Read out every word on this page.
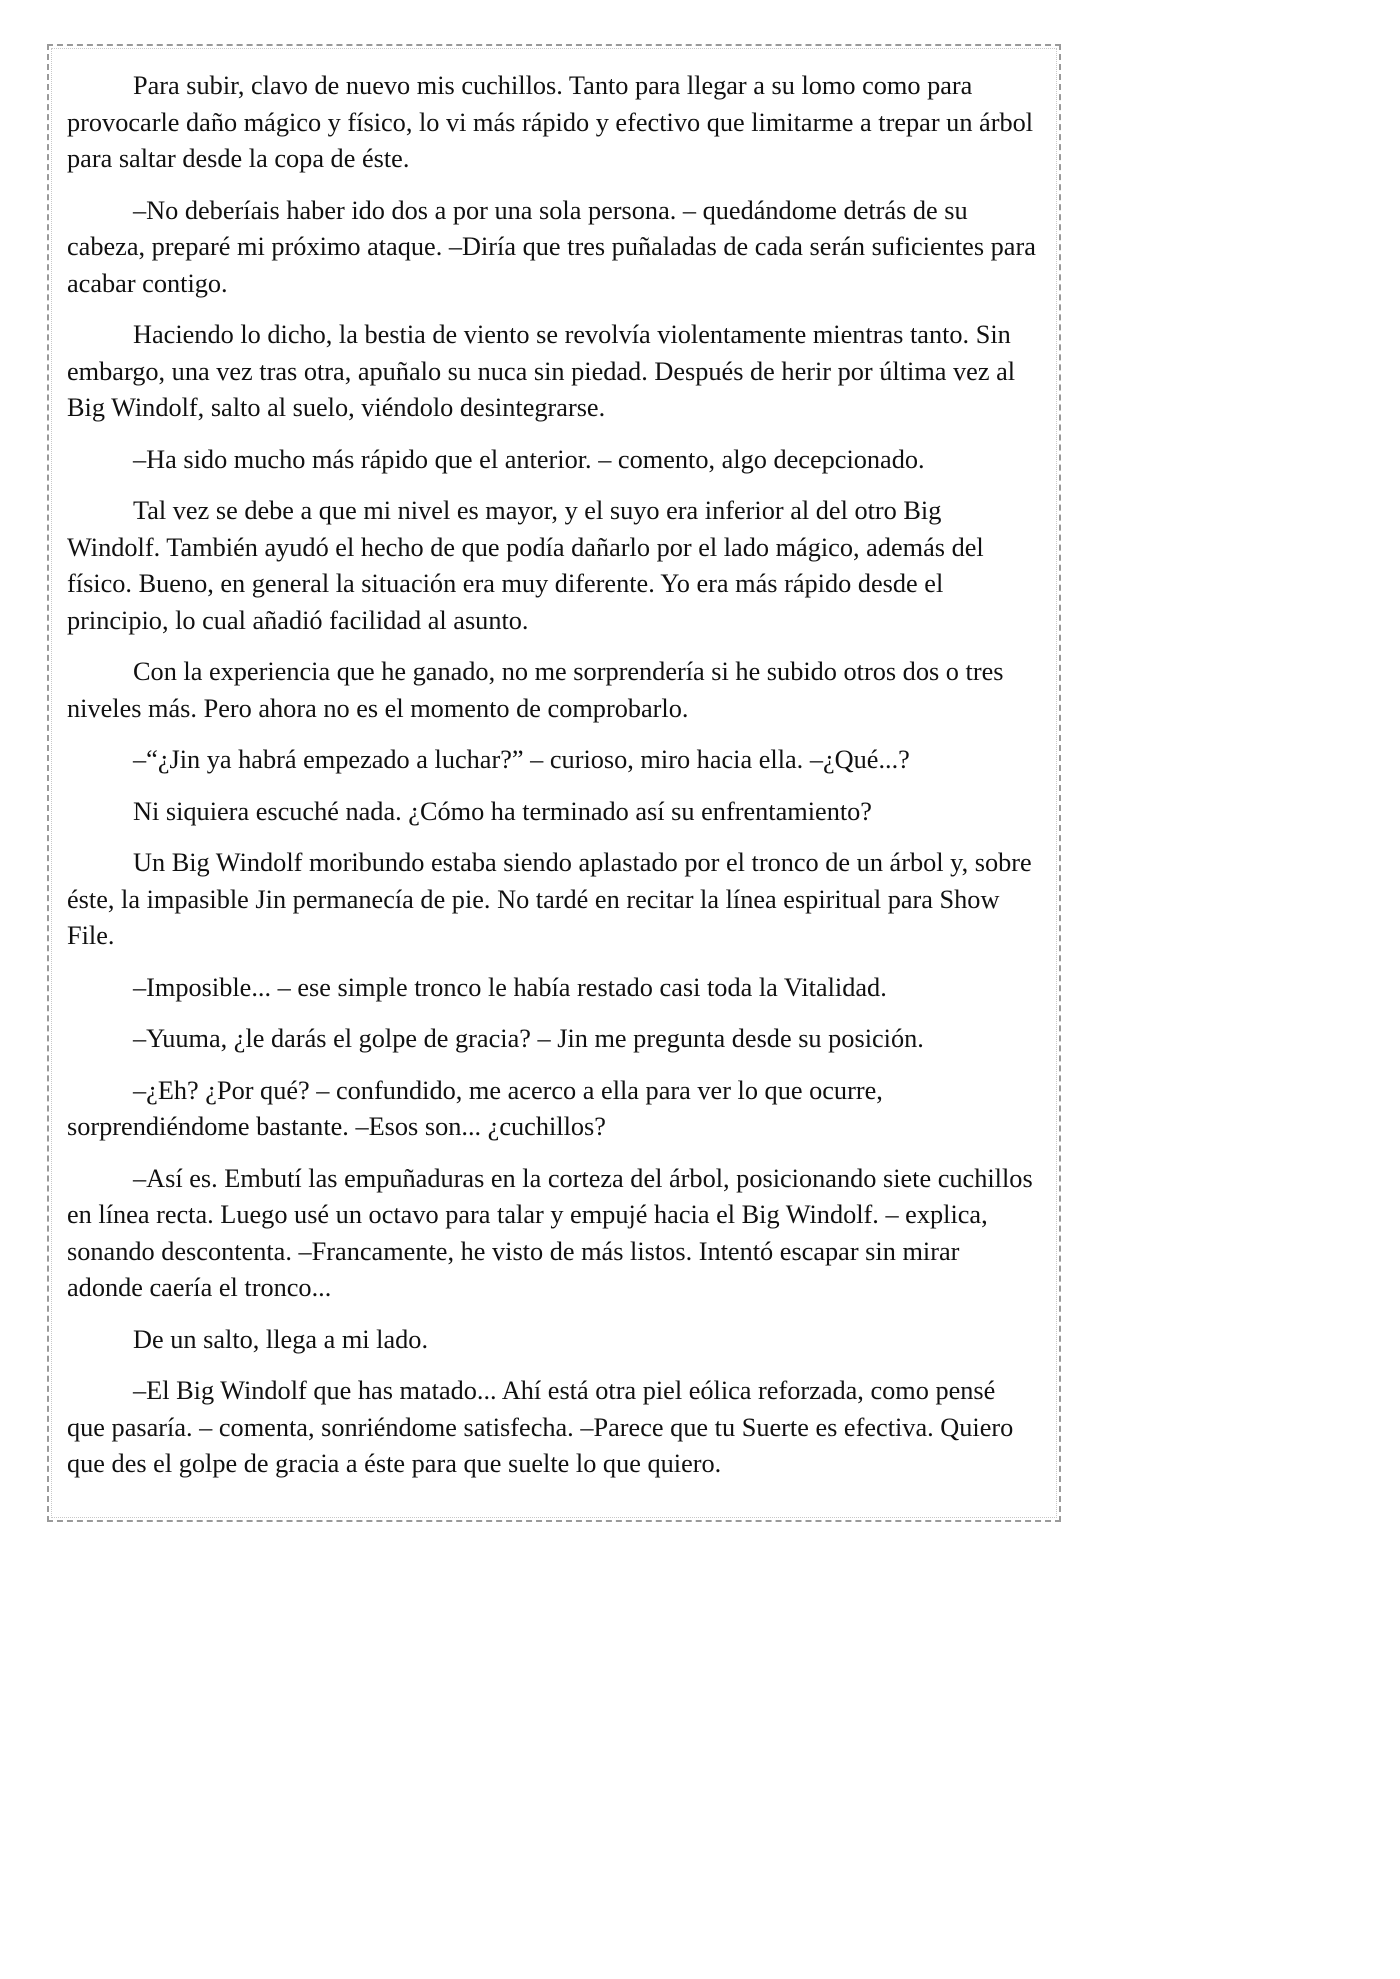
Para subir, clavo de nuevo mis cuchillos. Tanto para llegar a su lomo como para provocarle daño mágico y físico, lo vi más rápido y efectivo que limitarme a trepar un árbol para saltar desde la copa de éste.

–No deberíais haber ido dos a por una sola persona. – quedándome detrás de su cabeza, preparé mi próximo ataque. –Diría que tres puñaladas de cada serán suficientes para acabar contigo.

Haciendo lo dicho, la bestia de viento se revolvía violentamente mientras tanto. Sin embargo, una vez tras otra, apuñalo su nuca sin piedad. Después de herir por última vez al Big Windolf, salto al suelo, viéndolo desintegrarse.

–Ha sido mucho más rápido que el anterior. – comento, algo decepcionado.

Tal vez se debe a que mi nivel es mayor, y el suyo era inferior al del otro Big Windolf. También ayudó el hecho de que podía dañarlo por el lado mágico, además del físico. Bueno, en general la situación era muy diferente. Yo era más rápido desde el principio, lo cual añadió facilidad al asunto.

Con la experiencia que he ganado, no me sorprendería si he subido otros dos o tres niveles más. Pero ahora no es el momento de comprobarlo.

–“¿Jin ya habrá empezado a luchar?” – curioso, miro hacia ella. –¿Qué...?

Ni siquiera escuché nada. ¿Cómo ha terminado así su enfrentamiento?

Un Big Windolf moribundo estaba siendo aplastado por el tronco de un árbol y, sobre éste, la impasible Jin permanecía de pie. No tardé en recitar la línea espiritual para Show File.

–Imposible... – ese simple tronco le había restado casi toda la Vitalidad.

–Yuuma, ¿le darás el golpe de gracia? – Jin me pregunta desde su posición.

–¿Eh? ¿Por qué? – confundido, me acerco a ella para ver lo que ocurre, sorprendiéndome bastante. –Esos son... ¿cuchillos?

–Así es. Embutí las empuñaduras en la corteza del árbol, posicionando siete cuchillos en línea recta. Luego usé un octavo para talar y empujé hacia el Big Windolf. – explica, sonando descontenta. –Francamente, he visto de más listos. Intentó escapar sin mirar adonde caería el tronco...

De un salto, llega a mi lado.

–El Big Windolf que has matado... Ahí está otra piel eólica reforzada, como pensé que pasaría. – comenta, sonriéndome satisfecha. –Parece que tu Suerte es efectiva. Quiero que des el golpe de gracia a éste para que suelte lo que quiero.
